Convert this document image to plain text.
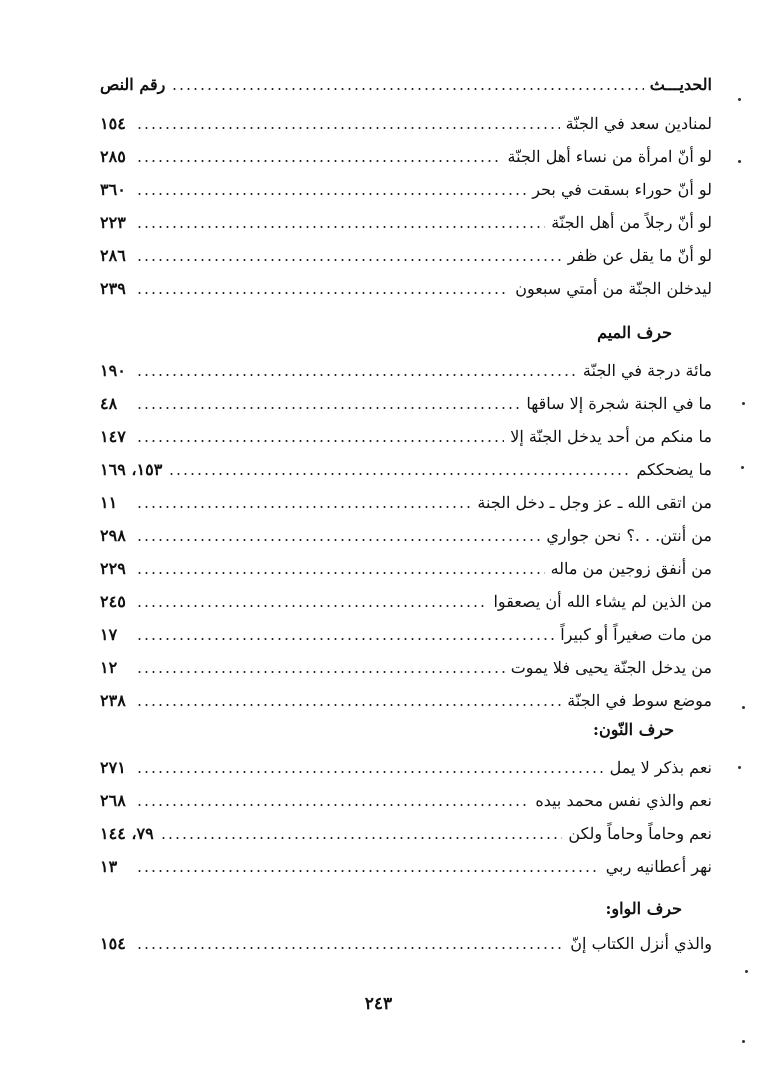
الحديـــث
رقم النص
لمنادين سعد في الجنّة
١٥٤
لو أنّ امرأة من نساء أهل الجنّة
٢٨٥
لو أنّ حوراء بسقت في بحر
٣٦٠
لو أنّ رجلاً من أهل الجنّة
٢٢٣
لو أنّ ما يقل عن ظفر
٢٨٦
ليدخلن الجنّة من أمتي سبعون
٢٣٩
حرف الميم
مائة درجة في الجنّة
١٩٠
ما في الجنة شجرة إلا ساقها
٤٨
ما منكم من أحد يدخل الجنّة إلا
١٤٧
ما يضحككم
١٥٣، ١٦٩
من اتقى الله ـ عز وجل ـ دخل الجنة
١١
من أنتن. . .؟ نحن جواري
٢٩٨
من أنفق زوجين من ماله
٢٢٩
من الذين لم يشاء الله أن يصعقوا
٢٤٥
من مات صغيراً أو كبيراً
١٧
من يدخل الجنّة يحيى فلا يموت
١٢
موضع سوط في الجنّة
٢٣٨
حرف النّون:
نعم بذكر لا يمل
٢٧١
نعم والذي نفس محمد بيده
٢٦٨
نعم وحاماً وحاماً ولكن
٧٩، ١٤٤
نهر أعطانيه ربي
١٣
حرف الواو:
والذي أنزل الكتاب إنّ
١٥٤
٢٤٣
